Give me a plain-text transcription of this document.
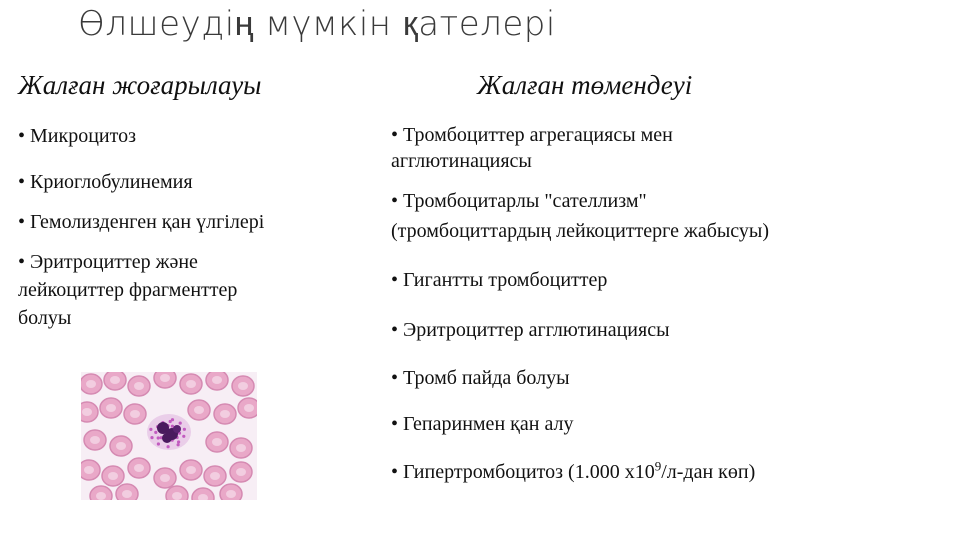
Өлшеудің мүмкін қателері
Жалған жоғарылауы	Жалған төмендеуі

• Микроцитоз

• Криоглобулинемия

• Гемолизденген қан үлгілері

• Эритроциттер және лейкоциттер фрагменттер болуы

• Тромбоциттер агрегациясы мен агглютинациясы

• Тромбоцитарлы "сателлизм" (тромбоциттардың лейкоциттерге жабысуы)

• Гигантты тромбоциттер

• Эритроциттер агглютинациясы

• Тромб пайда болуы

• Гепаринмен қан алу

• Гипертромбоцитоз (1.000 $х10^9/л$-дан көп)
